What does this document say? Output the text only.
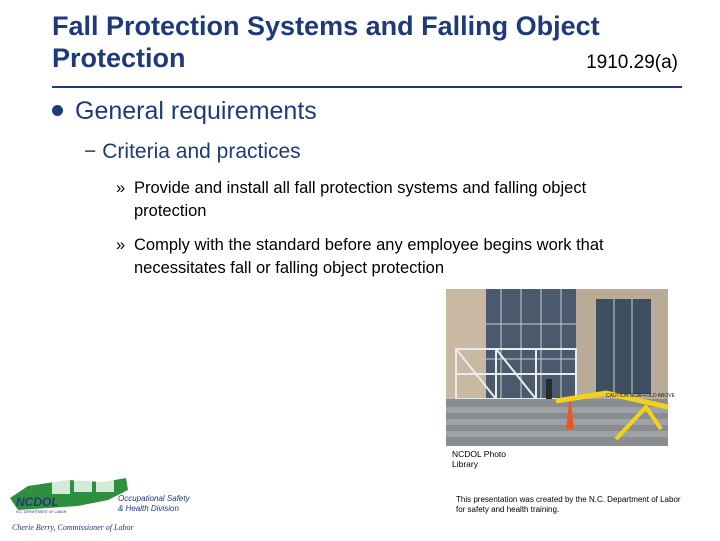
Fall Protection Systems and Falling Object
Protection	1910.29(a)
General requirements
− Criteria and practices
» Provide and install all fall protection systems and falling object protection
» Comply with the standard before any employee begins work that necessitates fall or falling object protection
CAUTION SCAFFOLD ABOVE
NCDOL Photo
Library
NCDOL
N.C. DEPARTMENT OF LABOR
Occupational Safety
& Health Division
Cherie Berry, Commissioner of Labor
This presentation was created by the N.C. Department of Labor for safety and health training.
